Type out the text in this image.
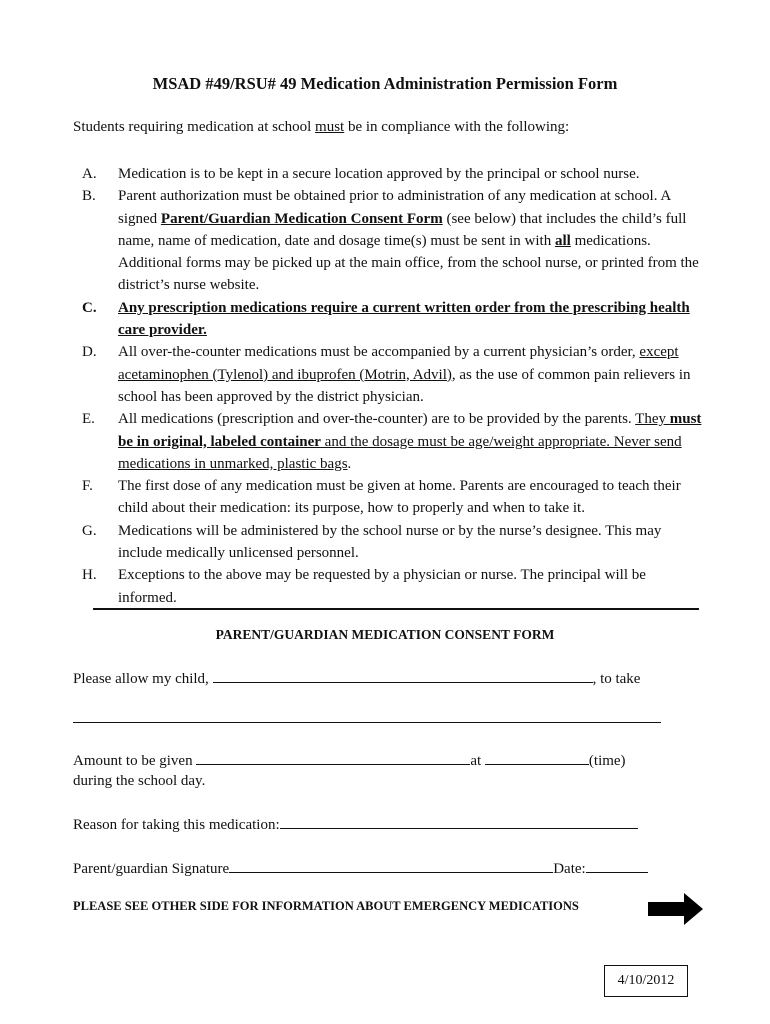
MSAD #49/RSU# 49 Medication Administration Permission Form
Students requiring medication at school must be in compliance with the following:
A.	Medication is to be kept in a secure location approved by the principal or school nurse.
B.	Parent authorization must be obtained prior to administration of any medication at school. A signed Parent/Guardian Medication Consent Form (see below) that includes the child’s full name, name of medication, date and dosage time(s) must be sent in with all medications. Additional forms may be picked up at the main office, from the school nurse, or printed from the district’s nurse website.
C.	Any prescription medications require a current written order from the prescribing health care provider.
D.	All over-the-counter medications must be accompanied by a current physician’s order, except acetaminophen (Tylenol) and ibuprofen (Motrin, Advil), as the use of common pain relievers in school has been approved by the district physician.
E.	All medications (prescription and over-the-counter) are to be provided by the parents. They must be in original, labeled container and the dosage must be age/weight appropriate. Never send medications in unmarked, plastic bags.
F.	The first dose of any medication must be given at home. Parents are encouraged to teach their child about their medication: its purpose, how to properly and when to take it.
G.	Medications will be administered by the school nurse or by the nurse’s designee. This may include medically unlicensed personnel.
H.	Exceptions to the above may be requested by a physician or nurse. The principal will be informed.
PARENT/GUARDIAN MEDICATION CONSENT FORM
Please allow my child,	, to take
Amount to be given	at	(time)
during the school day.
Reason for taking this medication:
Parent/guardian Signature	Date:
PLEASE SEE OTHER SIDE FOR INFORMATION ABOUT EMERGENCY MEDICATIONS
4/10/2012
